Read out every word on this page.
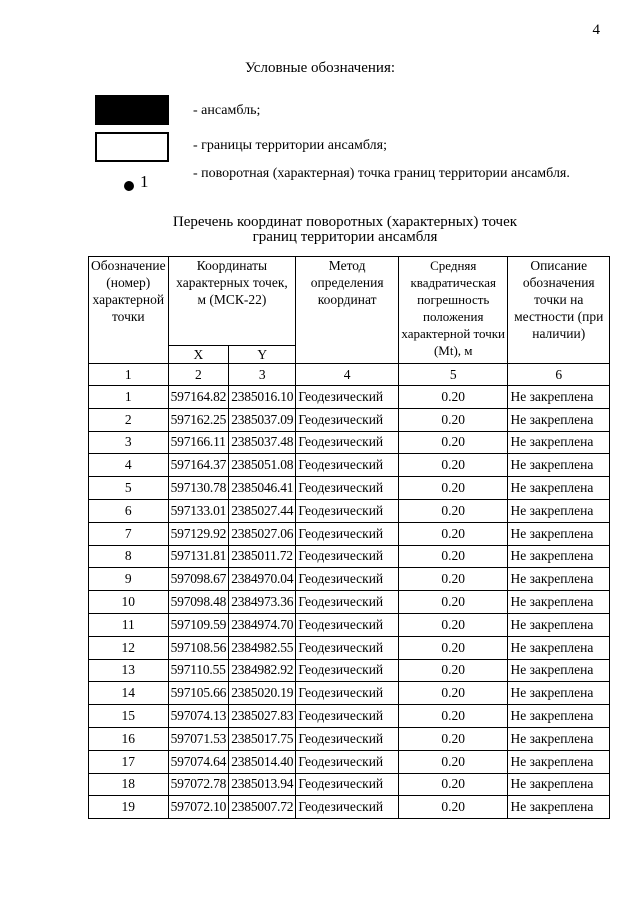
4
Условные обозначения:
- ансамбль;
- границы территории ансамбля;
1	- поворотная (характерная) точка границ территории ансамбля.
Перечень координат поворотных (характерных) точек
границ территории ансамбля
Обозначение (номер) характерной точки	Координаты характерных точек, м (МСК-22)		Метод определения координат	Средняя квадратическая погрешность положения характерной точки (Mt), м	Описание обозначения точки на местности (при наличии)
	X	Y			
1	2	3	4	5	6
1	597164.82	2385016.10	Геодезический	0.20	Не закреплена
2	597162.25	2385037.09	Геодезический	0.20	Не закреплена
3	597166.11	2385037.48	Геодезический	0.20	Не закреплена
4	597164.37	2385051.08	Геодезический	0.20	Не закреплена
5	597130.78	2385046.41	Геодезический	0.20	Не закреплена
6	597133.01	2385027.44	Геодезический	0.20	Не закреплена
7	597129.92	2385027.06	Геодезический	0.20	Не закреплена
8	597131.81	2385011.72	Геодезический	0.20	Не закреплена
9	597098.67	2384970.04	Геодезический	0.20	Не закреплена
10	597098.48	2384973.36	Геодезический	0.20	Не закреплена
11	597109.59	2384974.70	Геодезический	0.20	Не закреплена
12	597108.56	2384982.55	Геодезический	0.20	Не закреплена
13	597110.55	2384982.92	Геодезический	0.20	Не закреплена
14	597105.66	2385020.19	Геодезический	0.20	Не закреплена
15	597074.13	2385027.83	Геодезический	0.20	Не закреплена
16	597071.53	2385017.75	Геодезический	0.20	Не закреплена
17	597074.64	2385014.40	Геодезический	0.20	Не закреплена
18	597072.78	2385013.94	Геодезический	0.20	Не закреплена
19	597072.10	2385007.72	Геодезический	0.20	Не закреплена
